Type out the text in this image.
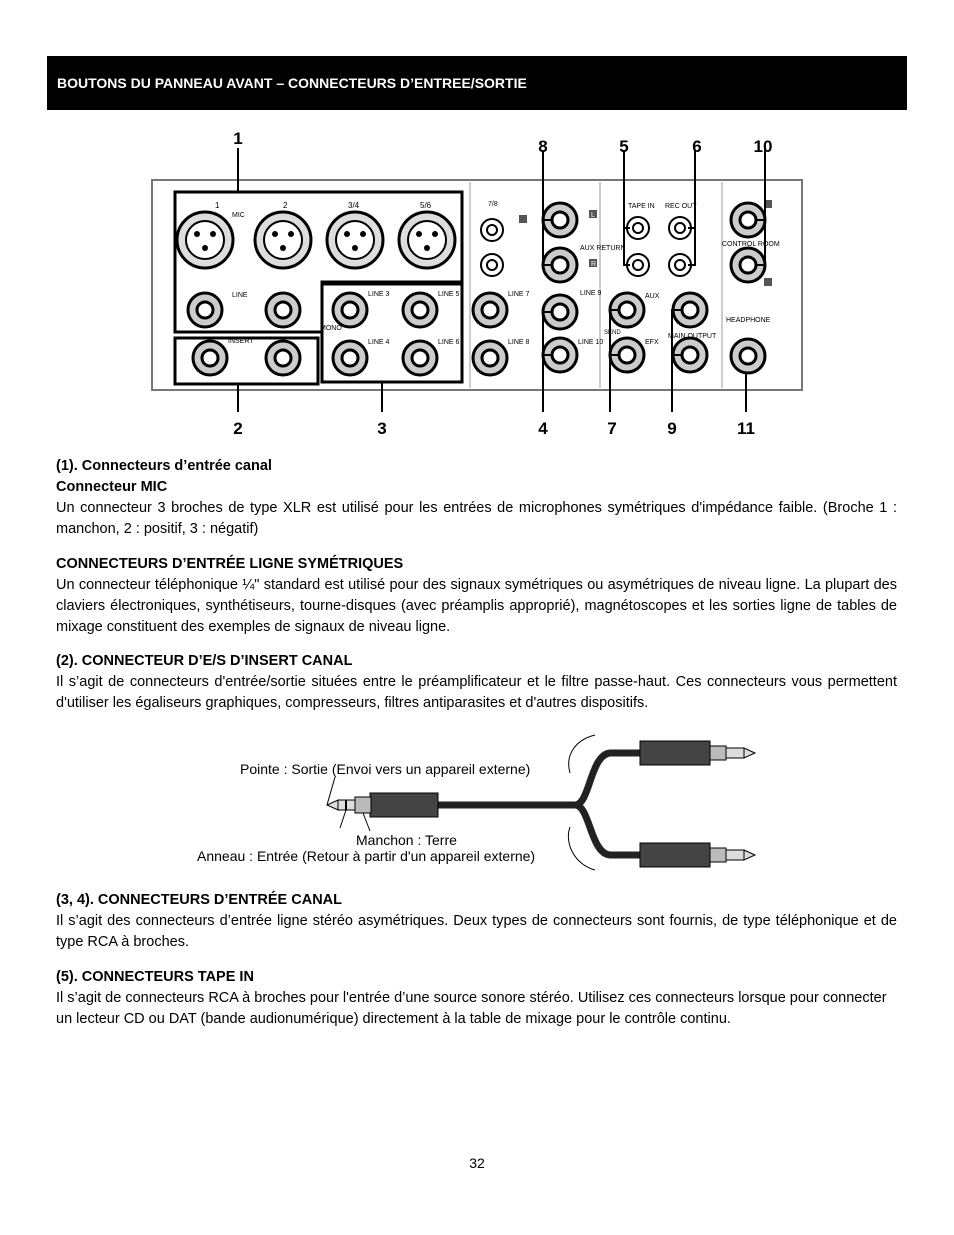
BOUTONS DU PANNEAU AVANT – CONNECTEURS D’ENTREE/SORTIE
1	2	3/4	5/6
MIC
LINE
INSERT
LINE 3
LINE 4
LINE 5
LINE 6
LINE 7
LINE 8
MONO
7/8
LINE 9
LINE 10
AUX RETURN
TAPE IN REC OUT
AUX
EFX
SEND	MAIN OUTPUT
CONTROL ROOM
HEADPHONE
L
R
1	8	5	6	10
2	3	4	7	9	11
(1). Connecteurs d’entrée canal
Connecteur MIC

Un connecteur 3 broches de type XLR est utilisé pour les entrées de microphones symétriques d'impédance faible. (Broche 1 : manchon, 2 : positif, 3 : négatif)

CONNECTEURS D’ENTRÉE LIGNE SYMÉTRIQUES

Un connecteur téléphonique ¼" standard est utilisé pour des signaux symétriques ou asymétriques de niveau ligne. La plupart des claviers électroniques, synthétiseurs, tourne-disques (avec préamplis approprié), magnétoscopes et les sorties ligne de tables de mixage constituent des exemples de signaux de niveau ligne.

(2). CONNECTEUR D’E/S D’INSERT CANAL

Il s’agit de connecteurs d'entrée/sortie situées entre le préamplificateur et le filtre passe-haut. Ces connecteurs vous permettent d'utiliser les égaliseurs graphiques, compresseurs, filtres antiparasites et d'autres dispositifs.

Pointe : Sortie (Envoi vers un appareil externe)
Manchon : Terre
Anneau : Entrée (Retour à partir d'un appareil externe)
(3, 4). CONNECTEURS D’ENTRÉE CANAL

Il s’agit des connecteurs d’entrée ligne stéréo asymétriques. Deux types de connecteurs sont fournis, de type téléphonique et de type RCA à broches.

(5). CONNECTEURS TAPE IN

Il s’agit de connecteurs RCA à broches pour l'entrée d’une source sonore stéréo. Utilisez ces connecteurs lorsque pour connecter un lecteur CD ou DAT (bande audionumérique) directement à la table de mixage pour le contrôle continu.

32
